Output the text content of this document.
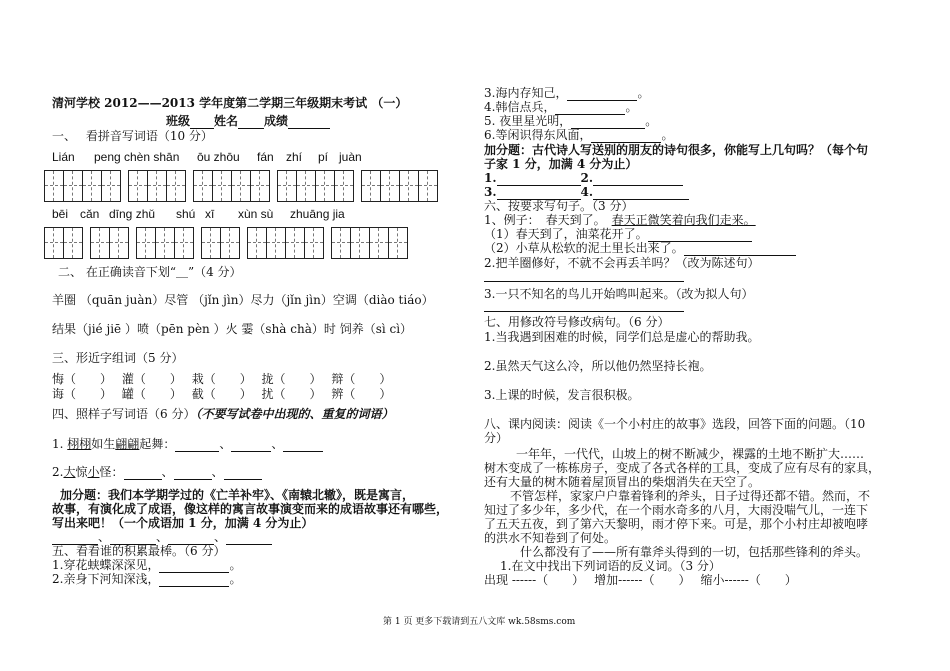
清河学校 2012——2013 学年度第二学期三年级期末考试 （一）
班级 姓名 成绩
一、　 看拼音写词语（10 分）
Lián peng chèn shān ōu zhōu fán zhí pí juàn
bēi cǎn dīng zhǔ shú xī xùn sù zhuāng jia
二、 在正确读音下划“＿”（4 分）
羊圈 （quān juàn）尽管 （jǐn jìn）尽力（jǐn jìn）空调（diào tiáo）
结果（jié jiē ）喷（pēn pèn ）火 霎（shà chà）时 饲养（sì cì）
三、形近字组词（5 分）
悔（　　） 灌（　　） 栽（　　） 拢（　　） 辩（　　）
诲（　　） 罐（　　） 截（　　） 扰（　　） 辨（　　）
四、照样子写词语（6 分）（不要写试卷中出现的、重复的词语）
1. 栩栩如生翩翩起舞：	、	、
2.大惊小怪：	、	、
加分题：我们本学期学过的《亡羊补牢》、《南辕北辙》，既是寓言，
故事，有演化成了成语，像这样的寓言故事演变而来的成语故事还有哪些，
写出来吧！（一个成语加 1 分，加满 4 分为止）
、	、	、
五、看看谁的积累最棒。（6 分）
1.穿花蛱蝶深深见，	。
2.亲身下河知深浅，	。
3.海内存知己，	。
4.韩信点兵，	。
5. 夜里星光明，	。
6.等闲识得东风面，	。
加分题：古代诗人写送别的朋友的诗句很多，你能写上几句吗？（每个句
子家 1 分，加满 4 分为止）
1.	2.
3.	4.
六、按要求写句子。（3 分）
1、例子：　春天到了。　春天正微笑着向我们走来。
（1）春天到了，油菜花开了。
（2）小草从松软的泥土里长出来了。
2.把羊圈修好，不就不会再丢羊吗？（改为陈述句）
3.一只不知名的鸟儿开始鸣叫起来。（改为拟人句）
七、用修改符号修改病句。（6 分）
1.当我遇到困难的时候，同学们总是虚心的帮助我。
2.虽然天气这么冷，所以他仍然坚持长袍。
3.上课的时候，发言很积极。
八、课内阅读：阅读《一个小村庄的故事》选段，回答下面的问题。（10
分）
一年年，一代代，山坡上的树不断减少，裸露的土地不断扩大……
树木变成了一栋栋房子，变成了各式各样的工具，变成了应有尽有的家具，
还有大量的树木随着屋顶冒出的柴烟消失在天空了。
不管怎样，家家户户靠着锋利的斧头，日子过得还都不错。然而，不
知过了多少年，多少代，在一个雨水奇多的八月，大雨没喘气儿，一连下
了五天五夜，到了第六天黎明，雨才停下来。可是，那个小村庄却被咆哮
的洪水不知卷到了何处。
什么都没有了——所有靠斧头得到的一切，包括那些锋利的斧头。
1.在文中找出下列词语的反义词。（3 分）
出现 ------（　　） 增加------（　　） 缩小------（　　）
第 1 页 更多下载请到五八文库 wk.58sms.com
